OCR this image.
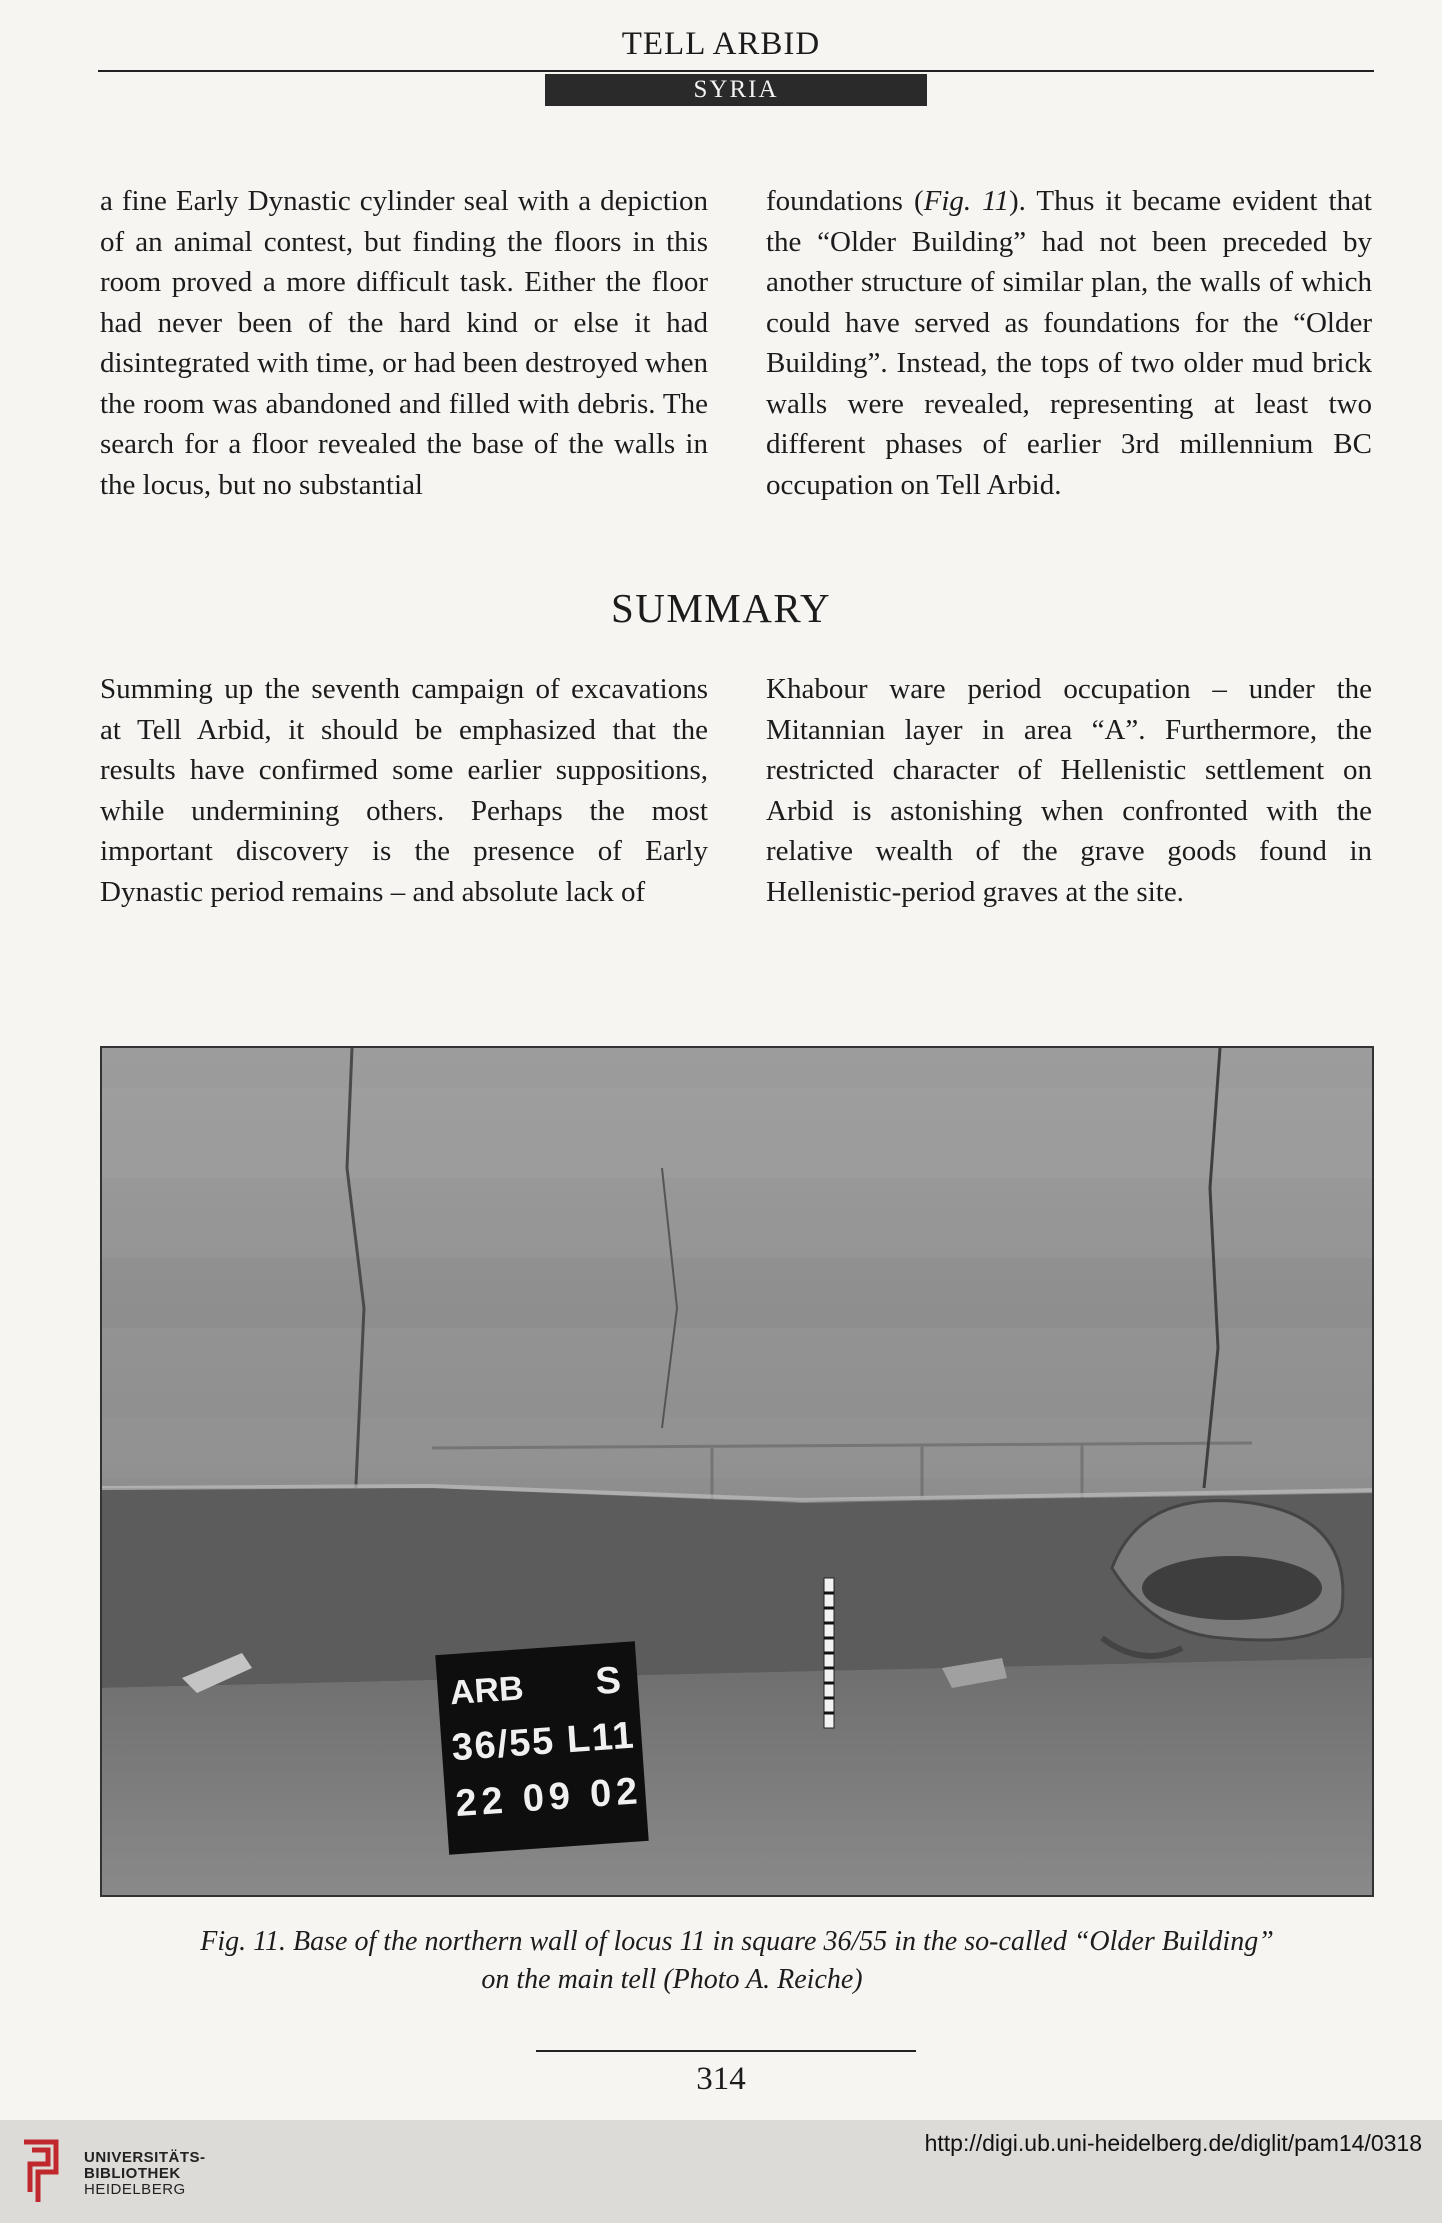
TELL ARBID
SYRIA

a fine Early Dynastic cylinder seal with a depiction of an animal contest, but finding the floors in this room proved a more difficult task. Either the floor had never been of the hard kind or else it had disintegrated with time, or had been destroyed when the room was abandoned and filled with debris. The search for a floor revealed the base of the walls in the locus, but no substantial

foundations (Fig. 11). Thus it became evident that the “Older Building” had not been preceded by another structure of similar plan, the walls of which could have served as foundations for the “Older Building”. Instead, the tops of two older mud brick walls were revealed, representing at least two different phases of earlier 3rd millennium BC occupation on Tell Arbid.

SUMMARY

Summing up the seventh campaign of excavations at Tell Arbid, it should be emphasized that the results have confirmed some earlier suppositions, while undermining others. Perhaps the most important discovery is the presence of Early Dynastic period remains – and absolute lack of

Khabour ware period occupation – under the Mitannian layer in area “A”. Furthermore, the restricted character of Hellenistic settlement on Arbid is astonishing when confronted with the relative wealth of the grave goods found in Hellenistic-period graves at the site.

ARB S
36/55 L11
22 09 02
Fig. 11. Base of the northern wall of locus 11 in square 36/55 in the so-called “Older Building”

on the main tell (Photo A. Reiche)
314
UNIVERSITÄTS-
BIBLIOTHEK
HEIDELBERG
http://digi.ub.uni-heidelberg.de/diglit/pam14/0318
